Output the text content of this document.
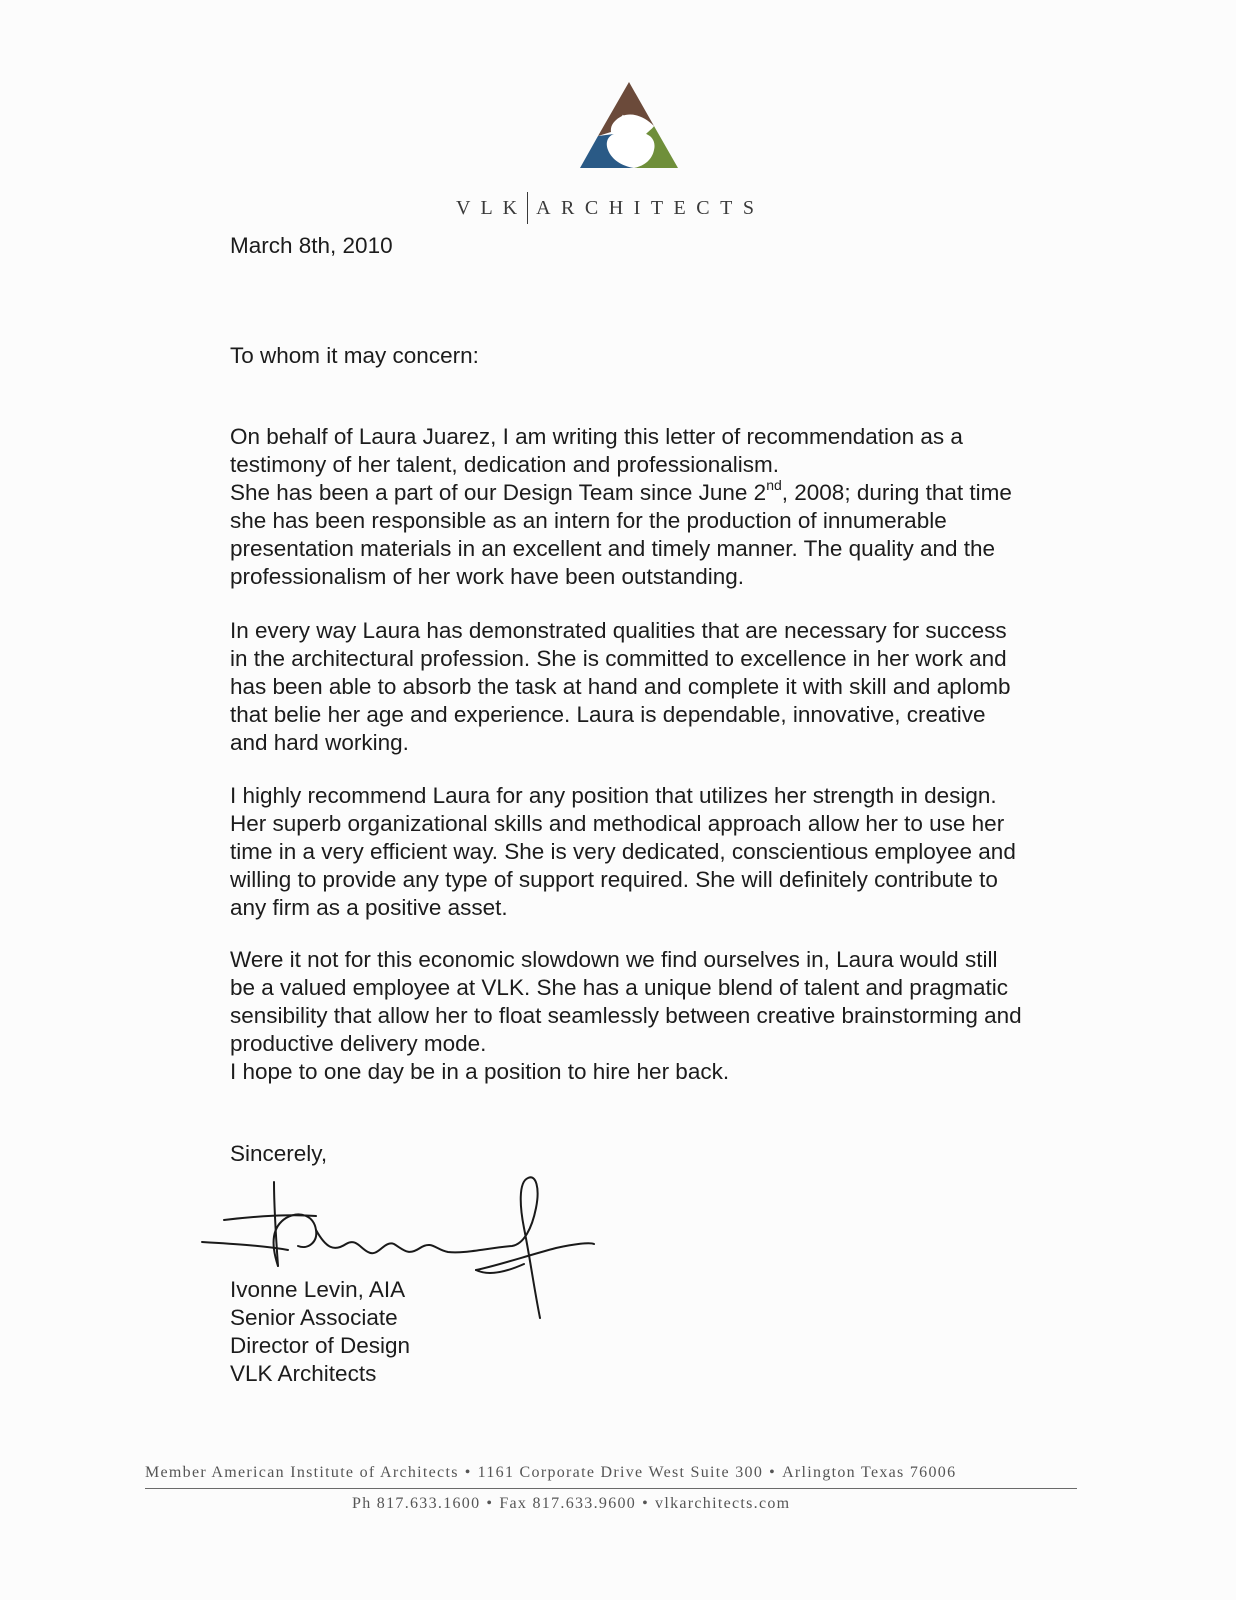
VLK ARCHITECTS
March 8th, 2010
To whom it may concern:
On behalf of Laura Juarez, I am writing this letter of recommendation as a
testimony of her talent, dedication and professionalism.
She has been a part of our Design Team since June 2nd, 2008; during that time
she has been responsible as an intern for the production of innumerable
presentation materials in an excellent and timely manner. The quality and the
professionalism of her work have been outstanding.
In every way Laura has demonstrated qualities that are necessary for success
in the architectural profession. She is committed to excellence in her work and
has been able to absorb the task at hand and complete it with skill and aplomb
that belie her age and experience. Laura is dependable, innovative, creative
and hard working.
I highly recommend Laura for any position that utilizes her strength in design.
Her superb organizational skills and methodical approach allow her to use her
time in a very efficient way. She is very dedicated, conscientious employee and
willing to provide any type of support required. She will definitely contribute to
any firm as a positive asset.
Were it not for this economic slowdown we find ourselves in, Laura would still
be a valued employee at VLK. She has a unique blend of talent and pragmatic
sensibility that allow her to float seamlessly between creative brainstorming and
productive delivery mode.
I hope to one day be in a position to hire her back.
Sincerely,
Ivonne Levin, AIA
Senior Associate
Director of Design
VLK Architects
Member American Institute of Architects • 1161 Corporate Drive West Suite 300 • Arlington Texas 76006
Ph 817.633.1600 • Fax 817.633.9600 • vlkarchitects.com
